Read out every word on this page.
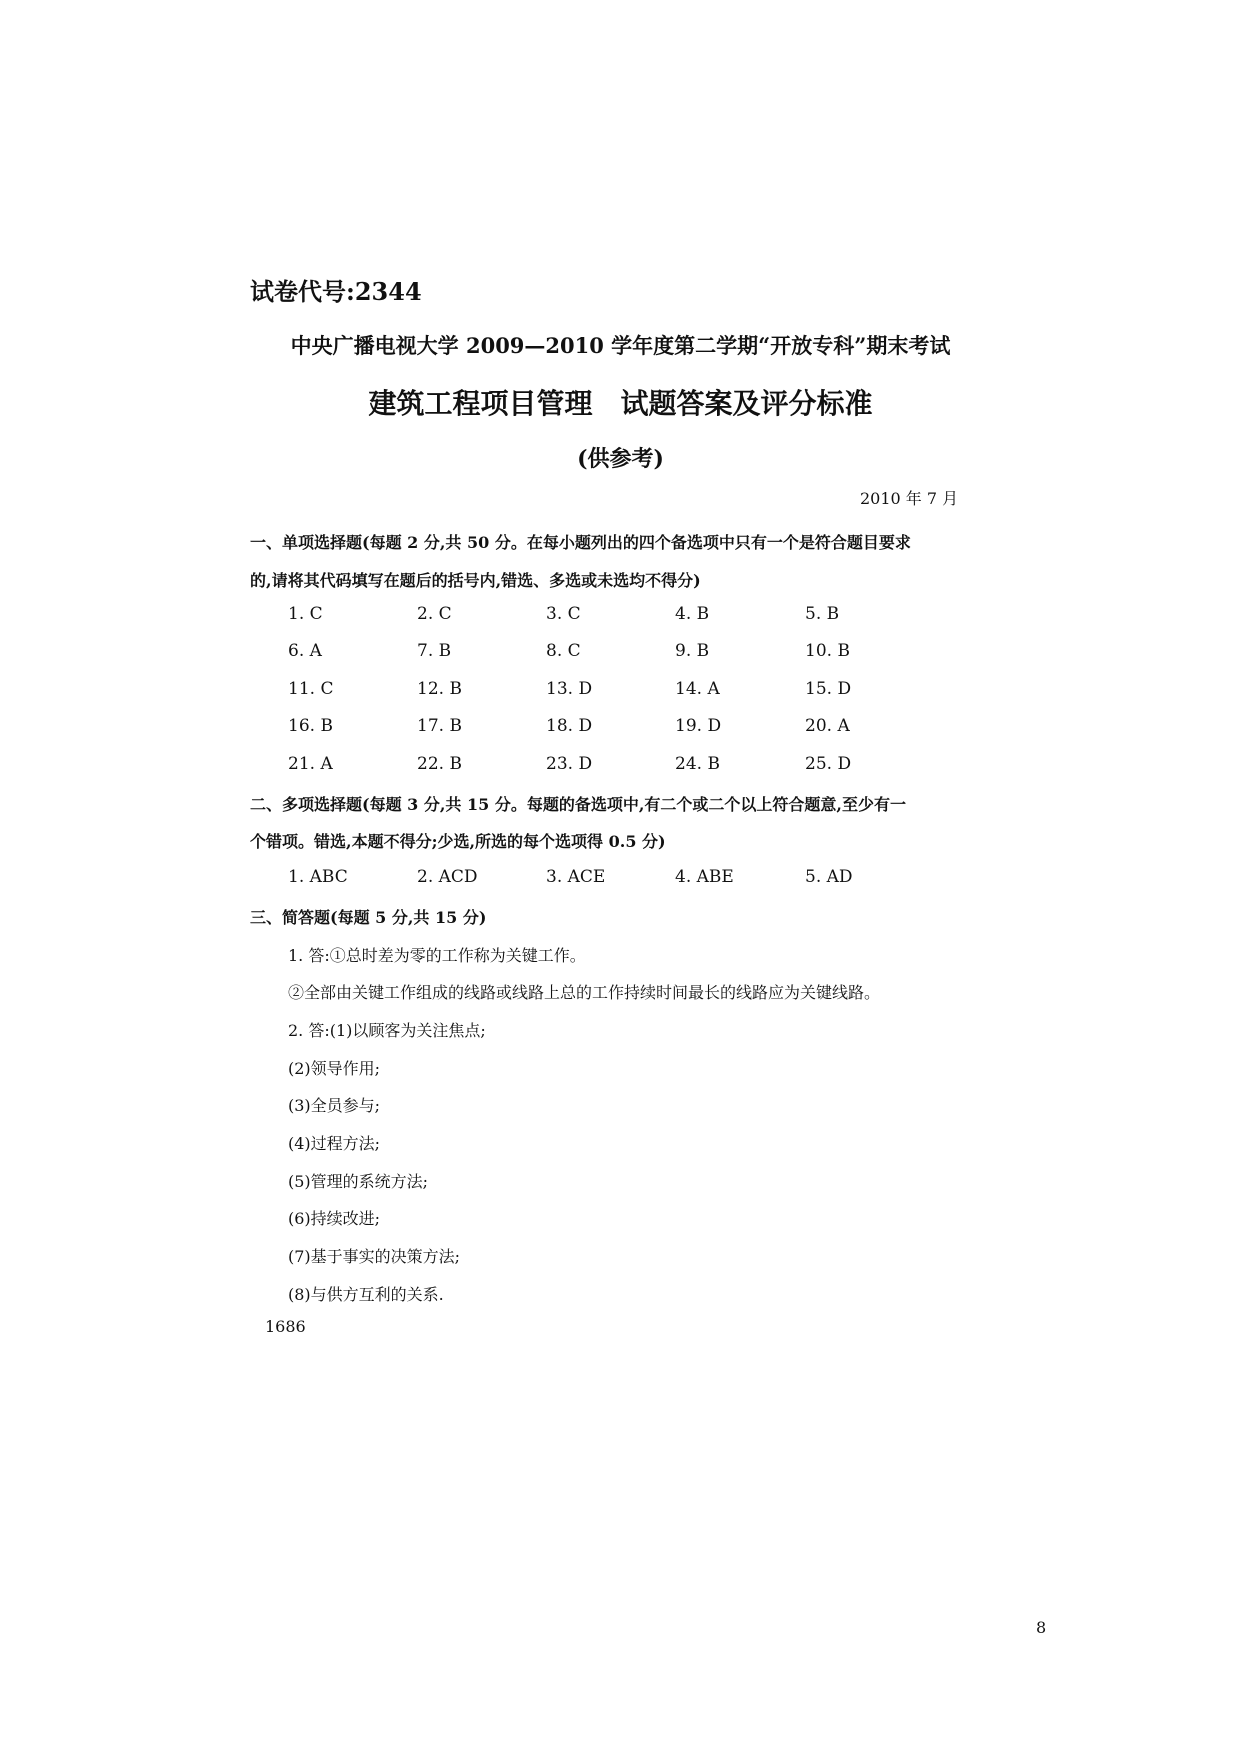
试卷代号:2344
中央广播电视大学 2009—2010 学年度第二学期“开放专科”期末考试
建筑工程项目管理　试题答案及评分标准
(供参考)
2010 年 7 月
一、单项选择题(每题 2 分,共 50 分。在每小题列出的四个备选项中只有一个是符合题目要求
的,请将其代码填写在题后的括号内,错选、多选或未选均不得分)
1. C	2. C	3. C	4. B	5. B
6. A	7. B	8. C	9. B	10. B
11. C	12. B	13. D	14. A	15. D
16. B	17. B	18. D	19. D	20. A
21. A	22. B	23. D	24. B	25. D
二、多项选择题(每题 3 分,共 15 分。每题的备选项中,有二个或二个以上符合题意,至少有一
个错项。错选,本题不得分;少选,所选的每个选项得 0.5 分)
1. ABC	2. ACD	3. ACE	4. ABE	5. AD
三、简答题(每题 5 分,共 15 分)
1. 答:①总时差为零的工作称为关键工作。
②全部由关键工作组成的线路或线路上总的工作持续时间最长的线路应为关键线路。
2. 答:(1)以顾客为关注焦点;
(2)领导作用;
(3)全员参与;
(4)过程方法;
(5)管理的系统方法;
(6)持续改进;
(7)基于事实的决策方法;
(8)与供方互利的关系.
1686
8
